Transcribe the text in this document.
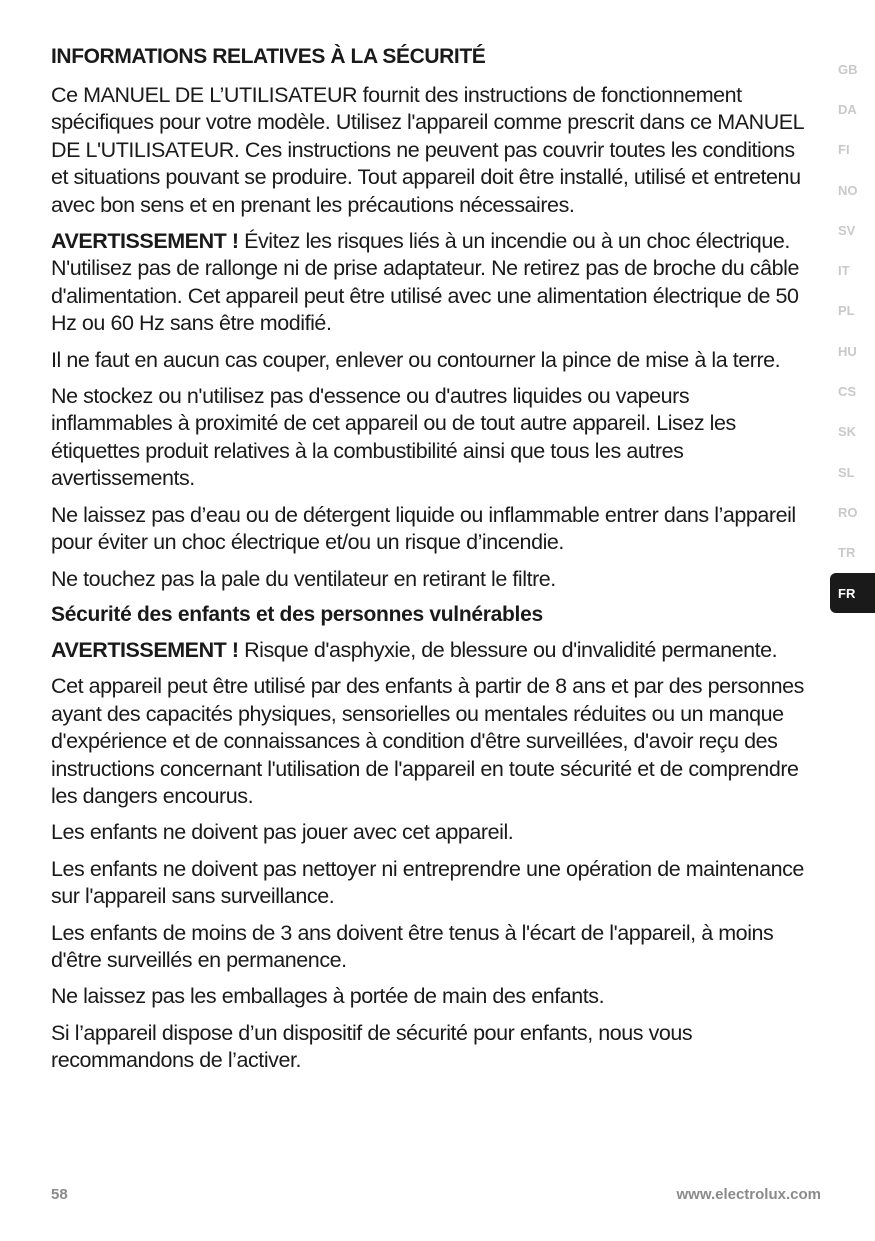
INFORMATIONS RELATIVES À LA SÉCURITÉ

Ce MANUEL DE L’UTILISATEUR fournit des instructions de fonctionnement spécifiques pour votre modèle. Utilisez l'appareil comme prescrit dans ce MANUEL DE L'UTILISATEUR. Ces instructions ne peuvent pas couvrir toutes les conditions et situations pouvant se produire. Tout appareil doit être installé, utilisé et entretenu avec bon sens et en prenant les précautions nécessaires.

AVERTISSEMENT ! Évitez les risques liés à un incendie ou à un choc électrique. N'utilisez pas de rallonge ni de prise adaptateur. Ne retirez pas de broche du câble d'alimentation. Cet appareil peut être utilisé avec une alimentation électrique de 50 Hz ou 60 Hz sans être modifié.

Il ne faut en aucun cas couper, enlever ou contourner la pince de mise à la terre.

Ne stockez ou n'utilisez pas d'essence ou d'autres liquides ou vapeurs inflammables à proximité de cet appareil ou de tout autre appareil. Lisez les étiquettes produit relatives à la combustibilité ainsi que tous les autres avertissements.

Ne laissez pas d’eau ou de détergent liquide ou inflammable entrer dans l’appareil pour éviter un choc électrique et/ou un risque d’incendie.

Ne touchez pas la pale du ventilateur en retirant le filtre.

Sécurité des enfants et des personnes vulnérables

AVERTISSEMENT ! Risque d'asphyxie, de blessure ou d'invalidité permanente.

Cet appareil peut être utilisé par des enfants à partir de 8 ans et par des personnes ayant des capacités physiques, sensorielles ou mentales réduites ou un manque d'expérience et de connaissances à condition d'être surveillées, d'avoir reçu des instructions concernant l'utilisation de l'appareil en toute sécurité et de comprendre les dangers encourus.

Les enfants ne doivent pas jouer avec cet appareil.

Les enfants ne doivent pas nettoyer ni entreprendre une opération de maintenance sur l'appareil sans surveillance.

Les enfants de moins de 3 ans doivent être tenus à l'écart de l'appareil, à moins d'être surveillés en permanence.

Ne laissez pas les emballages à portée de main des enfants.

Si l’appareil dispose d’un dispositif de sécurité pour enfants, nous vous recommandons de l’activer.

GB
DA
FI
NO
SV
IT
PL
HU
CS
SK
SL
RO
TR
FR
58	www.electrolux.com
